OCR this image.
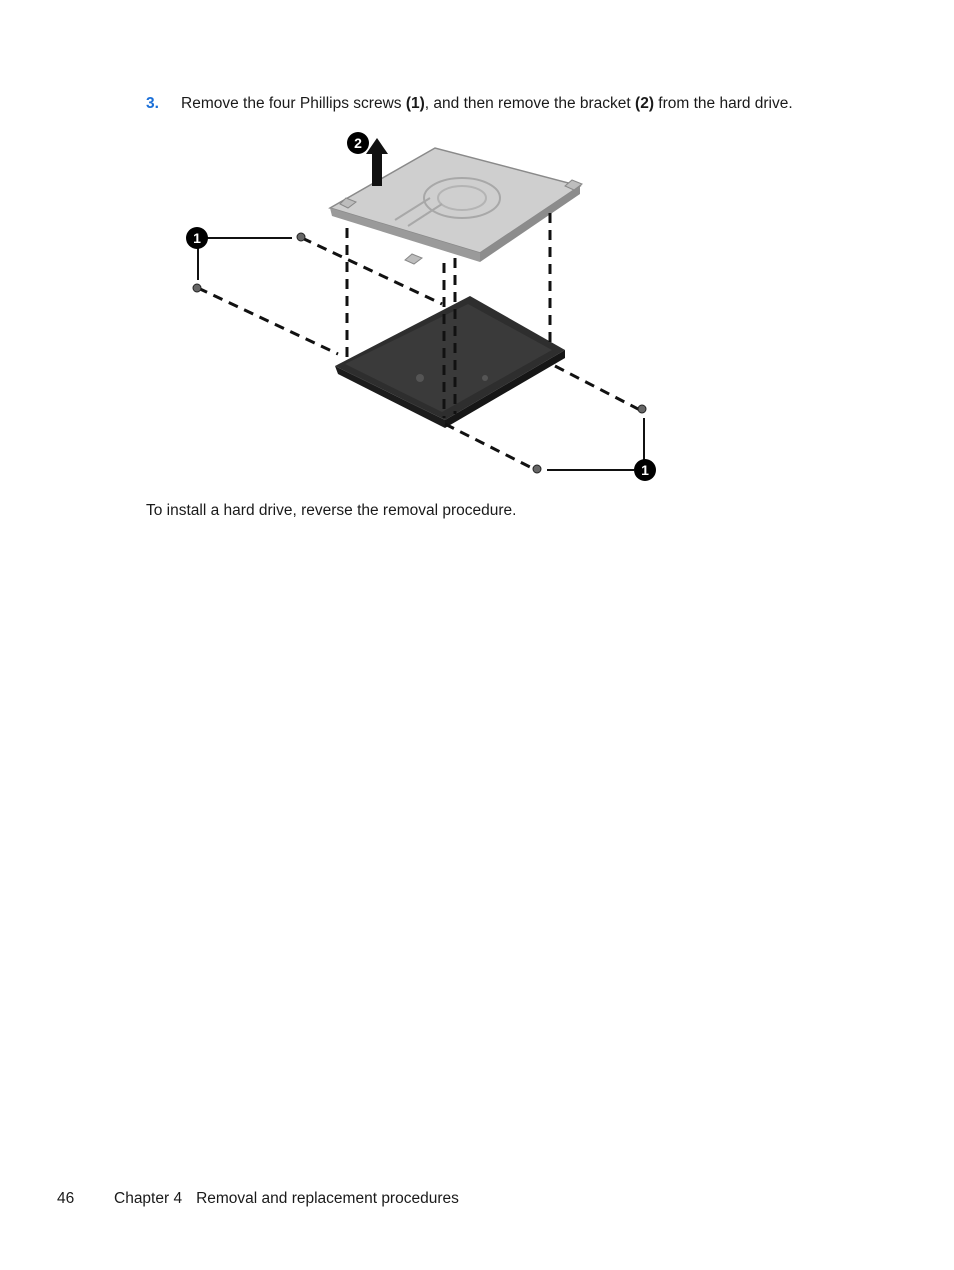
3. Remove the four Phillips screws (1), and then remove the bracket (2) from the hard drive.
1
1
2
To install a hard drive, reverse the removal procedure.
46	Chapter 4 Removal and replacement procedures
